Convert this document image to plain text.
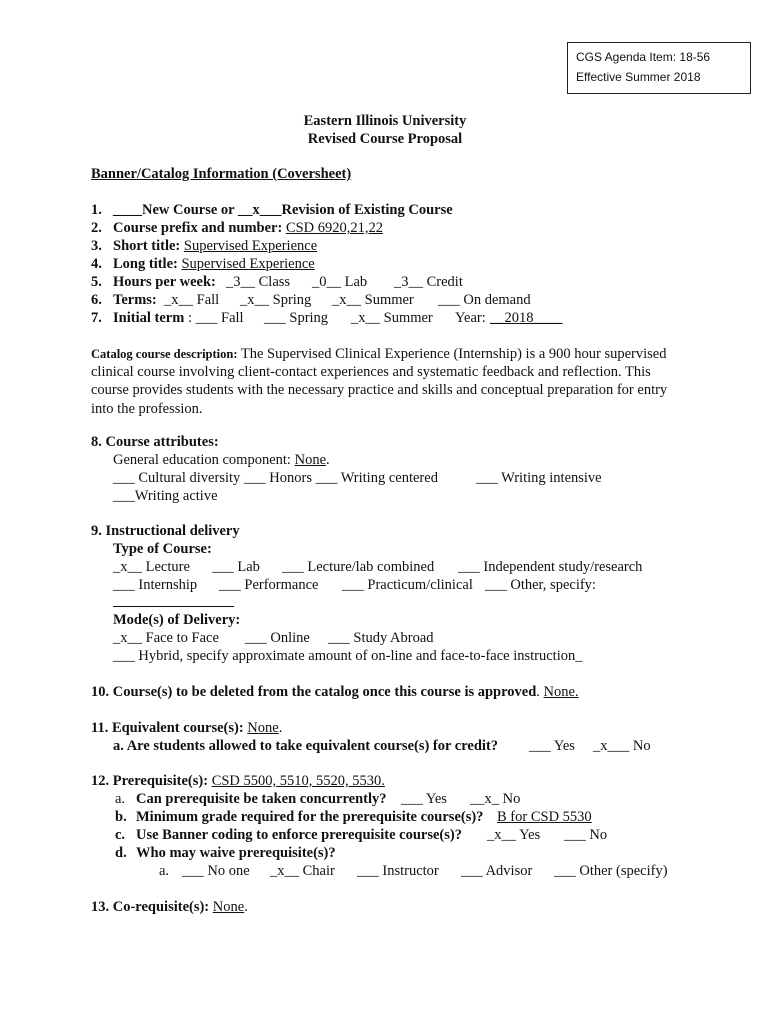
CGS Agenda Item: 18-56
Effective Summer 2018
Eastern Illinois University
Revised Course Proposal
Banner/Catalog Information (Coversheet)
1. ____New Course or __x___Revision of Existing Course
2. Course prefix and number: CSD 6920,21,22
3. Short title: Supervised Experience
4. Long title: Supervised Experience
5. Hours per week: _3__ Class _0__ Lab _3__ Credit
6. Terms: _x__ Fall _x__ Spring _x__ Summer ___ On demand
7. Initial term : ___ Fall ___ Spring _x__ Summer Year: __2018____
Catalog course description: The Supervised Clinical Experience (Internship) is a 900 hour supervised clinical course involving client-contact experiences and systematic feedback and reflection. This course provides students with the necessary practice and skills and conceptual preparation for entry into the profession.
8. Course attributes:
General education component: None.
___ Cultural diversity ___ Honors ___ Writing centered	___ Writing intensive
___Writing active
9. Instructional delivery
Type of Course:
_x__ Lecture ___ Lab ___ Lecture/lab combined ___ Independent study/research
___ Internship ___ Performance ___ Practicum/clinical ___ Other, specify:
Mode(s) of Delivery:
_x__ Face to Face ___ Online ___ Study Abroad
___ Hybrid, specify approximate amount of on-line and face-to-face instruction_
10. Course(s) to be deleted from the catalog once this course is approved. None.
11. Equivalent course(s): None.
a. Are students allowed to take equivalent course(s) for credit? ___ Yes _x___ No
12. Prerequisite(s): CSD 5500, 5510, 5520, 5530.
a. Can prerequisite be taken concurrently? ___ Yes __x_ No
b. Minimum grade required for the prerequisite course(s)? B for CSD 5530
c. Use Banner coding to enforce prerequisite course(s)? _x__ Yes ___ No
d. Who may waive prerequisite(s)?
a. ___ No one _x__ Chair ___ Instructor ___ Advisor ___ Other (specify)
13. Co-requisite(s): None.
